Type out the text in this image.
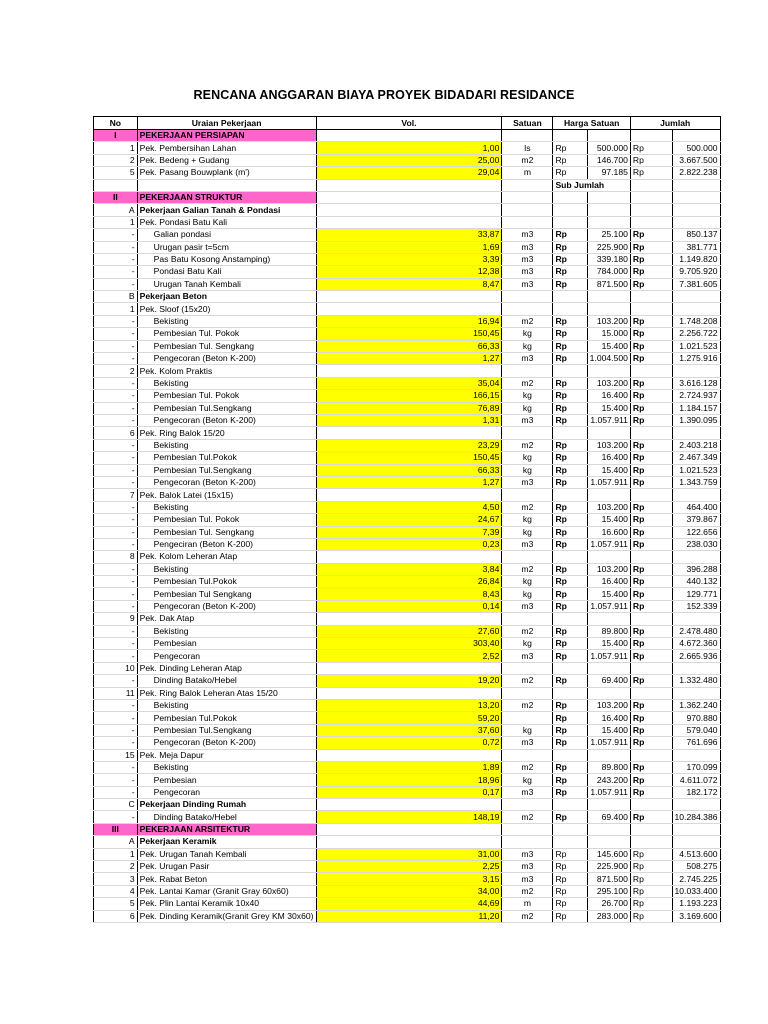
RENCANA ANGGARAN BIAYA PROYEK BIDADARI RESIDANCE
No	Uraian Pekerjaan	Vol.	Satuan	Harga Satuan		Jumlah	
I	PEKERJAAN PERSIAPAN						
1	Pek. Pembersihan Lahan	1,00	ls	Rp	500.000	Rp	500.000
2	Pek. Bedeng + Gudang	25,00	m2	Rp	146.700	Rp	3.667.500
5	Pek. Pasang Bouwplank (m')	29,04	m	Rp	97.185	Rp	2.822.238
				Sub Jumlah			
II	PEKERJAAN STRUKTUR						
A	Pekerjaan Galian Tanah & Pondasi						
1	Pek. Pondasi Batu Kali						
-	Galian pondasi	33,87	m3	Rp	25.100	Rp	850.137
-	Urugan pasir t=5cm	1,69	m3	Rp	225.900	Rp	381.771
-	Pas Batu Kosong Anstamping)	3,39	m3	Rp	339.180	Rp	1.149.820
-	Pondasi Batu Kali	12,38	m3	Rp	784.000	Rp	9.705.920
-	Urugan Tanah Kembali	8,47	m3	Rp	871.500	Rp	7.381.605
B	Pekerjaan Beton						
1	Pek. Sloof (15x20)						
-	Bekisting	16,94	m2	Rp	103.200	Rp	1.748.208
-	Pembesian Tul. Pokok	150,45	kg	Rp	15.000	Rp	2.256.722
-	Pembesian Tul. Sengkang	66,33	kg	Rp	15.400	Rp	1.021.523
-	Pengecoran (Beton K-200)	1,27	m3	Rp	1.004.500	Rp	1.275.916
2	Pek. Kolom Praktis						
-	Bekisting	35,04	m2	Rp	103.200	Rp	3.616.128
-	Pembesian Tul. Pokok	166,15	kg	Rp	16.400	Rp	2.724.937
-	Pembesian Tul.Sengkang	76,89	kg	Rp	15.400	Rp	1.184.157
-	Pengecoran (Beton K-200)	1,31	m3	Rp	1.057.911	Rp	1.390.095
6	Pek. Ring Balok 15/20						
-	Bekisting	23,29	m2	Rp	103.200	Rp	2.403.218
-	Pembesian Tul.Pokok	150,45	kg	Rp	16.400	Rp	2.467.349
-	Pembesian Tul.Sengkang	66,33	kg	Rp	15.400	Rp	1.021.523
-	Pengecoran (Beton K-200)	1,27	m3	Rp	1.057.911	Rp	1.343.759
7	Pek. Balok Latei (15x15)						
-	Bekisting	4,50	m2	Rp	103.200	Rp	464.400
-	Pembesian Tul. Pokok	24,67	kg	Rp	15.400	Rp	379.867
-	Pembesian Tul. Sengkang	7,39	kg	Rp	16.600	Rp	122.656
-	Pengeciran (Beton K-200)	0,23	m3	Rp	1.057.911	Rp	238.030
8	Pek. Kolom Leheran Atap						
-	Bekisting	3,84	m2	Rp	103.200	Rp	396.288
-	Pembesian Tul.Pokok	26,84	kg	Rp	16.400	Rp	440.132
-	Pembesian Tul Sengkang	8,43	kg	Rp	15.400	Rp	129.771
-	Pengecoran (Beton K-200)	0,14	m3	Rp	1.057.911	Rp	152.339
9	Pek. Dak Atap						
-	Bekisting	27,60	m2	Rp	89.800	Rp	2.478.480
-	Pembesian	303,40	kg	Rp	15.400	Rp	4.672.360
-	Pengecoran	2,52	m3	Rp	1.057.911	Rp	2.665.936
10	Pek. Dinding Leheran Atap						
-	Dinding Batako/Hebel	19,20	m2	Rp	69.400	Rp	1.332.480
11	Pek. Ring Balok Leheran Atas 15/20						
-	Bekisting	13,20	m2	Rp	103.200	Rp	1.362.240
-	Pembesian Tul.Pokok	59,20		Rp	16.400	Rp	970.880
-	Pembesian Tul.Sengkang	37,60	kg	Rp	15.400	Rp	579.040
-	Pengecoran (Beton K-200)	0,72	m3	Rp	1.057.911	Rp	761.696
15	Pek. Meja Dapur						
-	Bekisting	1,89	m2	Rp	89.800	Rp	170.099
-	Pembesian	18,96	kg	Rp	243.200	Rp	4.611.072
-	Pengecoran	0,17	m3	Rp	1.057.911	Rp	182.172
C	Pekerjaan Dinding Rumah						
-	Dinding Batako/Hebel	148,19	m2	Rp	69.400	Rp	10.284.386
III	PEKERJAAN ARSITEKTUR						
A	Pekerjaan Keramik						
1	Pek. Urugan Tanah Kembali	31,00	m3	Rp	145.600	Rp	4.513.600
2	Pek. Urugan Pasir	2,25	m3	Rp	225.900	Rp	508.275
3	Pek. Rabat Beton	3,15	m3	Rp	871.500	Rp	2.745.225
4	Pek. Lantai Kamar (Granit Gray 60x60)	34,00	m2	Rp	295.100	Rp	10.033.400
5	Pek. Plin Lantai Keramik 10x40	44,69	m	Rp	26.700	Rp	1.193.223
6	Pek. Dinding Keramik(Granit Grey KM 30x60)	11,20	m2	Rp	283.000	Rp	3.169.600
